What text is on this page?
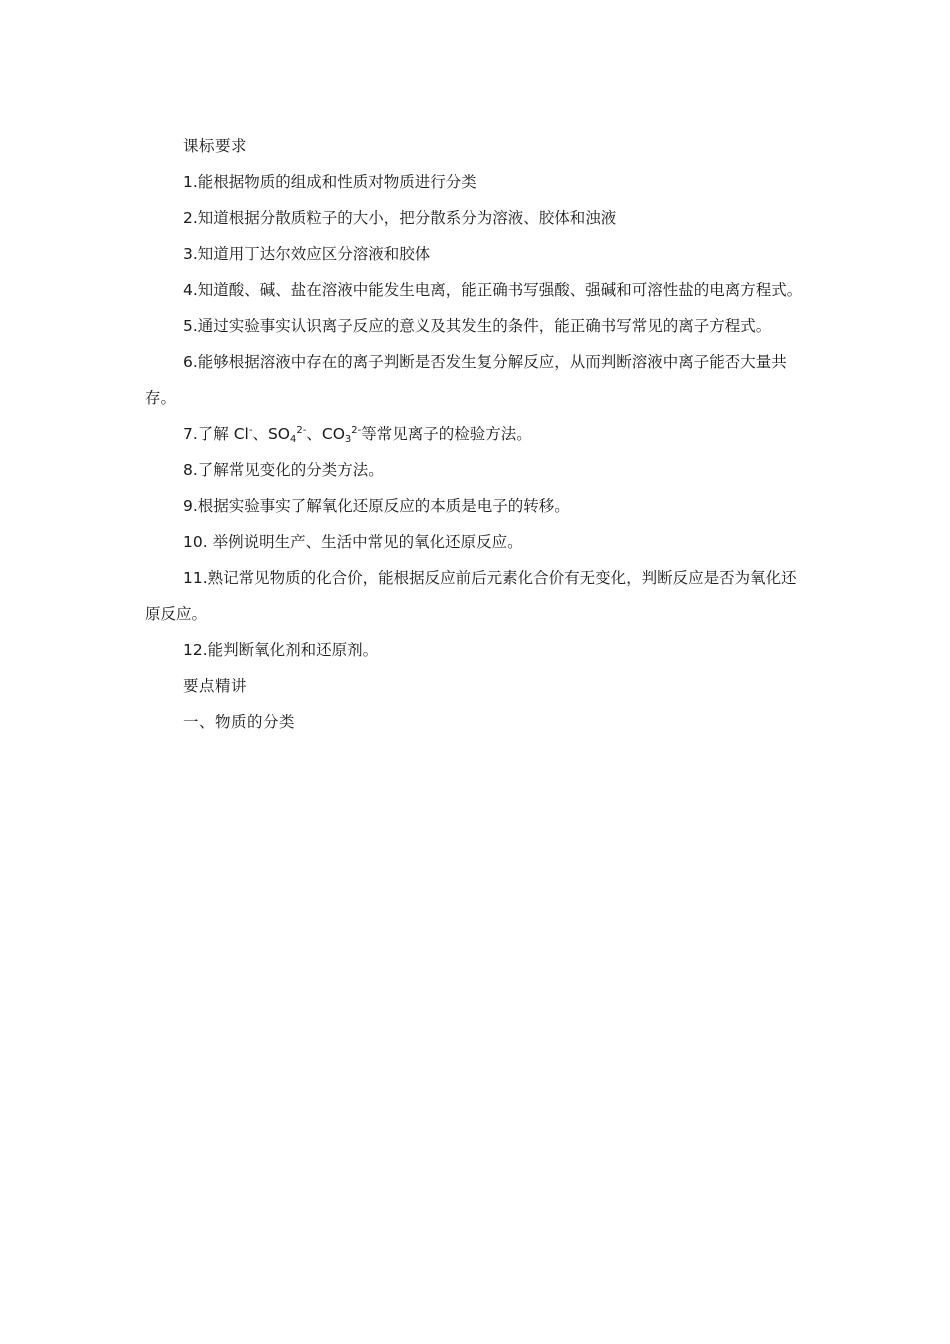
课标要求

1.能根据物质的组成和性质对物质进行分类

2.知道根据分散质粒子的大小，把分散系分为溶液、胶体和浊液

3.知道用丁达尔效应区分溶液和胶体

4.知道酸、碱、盐在溶液中能发生电离，能正确书写强酸、强碱和可溶性盐的电离方程式。

5.通过实验事实认识离子反应的意义及其发生的条件，能正确书写常见的离子方程式。

6.能够根据溶液中存在的离子判断是否发生复分解反应，从而判断溶液中离子能否大量共存。

7.了解 Cl-、$SO_4^{2-}$、$CO_3^{2-}$等常见离子的检验方法。

8.了解常见变化的分类方法。

9.根据实验事实了解氧化还原反应的本质是电子的转移。

10. 举例说明生产、生活中常见的氧化还原反应。

11.熟记常见物质的化合价，能根据反应前后元素化合价有无变化，判断反应是否为氧化还原反应。

12.能判断氧化剂和还原剂。

要点精讲

一、物质的分类
